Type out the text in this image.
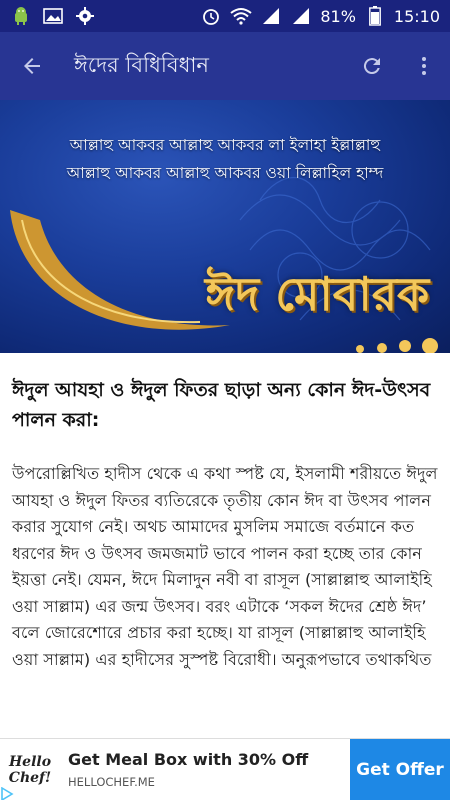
81% 15:10
ঈদের বিধিবিধান
আল্লাহু আকবর আল্লাহু আকবর লা ইলাহা ইল্লাল্লাহু
আল্লাহু আকবর আল্লাহু আকবর ওয়া লিল্লাহিল হাম্দ
ঈদ মোবারক
ঈদুল আযহা ও ঈদুল ফিতর ছাড়া অন্য কোন ঈদ-উৎসব পালন করা:

উপরোল্লিখিত হাদীস থেকে এ কথা স্পষ্ট যে, ইসলামী শরীয়তে ঈদুল আযহা ও ঈদুল ফিতর ব্যতিরেকে তৃতীয় কোন ঈদ বা উৎসব পালন করার সুযোগ নেই। অথচ আমাদের মুসলিম সমাজে বর্তমানে কত ধরণের ঈদ ও উৎসব জমজমাট ভাবে পালন করা হচ্ছে তার কোন ইয়ত্তা নেই। যেমন, ঈদে মিলাদুন নবী বা রাসূল (সাল্লাল্লাহু আলাইহি ওয়া সাল্লাম) এর জন্ম উৎসব। বরং এটাকে ‘সকল ঈদের শ্রেষ্ঠ ঈদ’ বলে জোরেশোরে প্রচার করা হচ্ছে। যা রাসূল (সাল্লাল্লাহু আলাইহি ওয়া সাল্লাম) এর হাদীসের সুস্পষ্ট বিরোধী। অনুরূপভাবে তথাকথিত

Hello
Chef!
Get Meal Box with 30% Off
HELLOCHEF.ME
Get Offer
